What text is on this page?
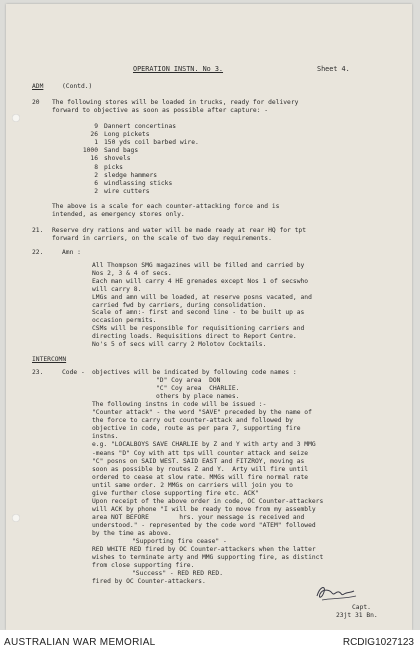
OPERATION INSTN. No 3.	Sheet 4.
ADM	(Contd.)
20 The following stores will be loaded in trucks, ready for delivery
forward to objective as soon as possible after capture: -
9 Dannert concertinas
26 Long pickets
1 150 yds coil barbed wire.
1000 Sand bags
16 shovels
8 picks
2 sledge hammers
6 windlassing sticks
2 wire cutters
The above is a scale for each counter-attacking force and is
intended, as emergency stores only.
21. Reserve dry rations and water will be made ready at rear HQ for tpt
forward in carriers, on the scale of two day requirements.
22.	Amn :
All Thompson SMG magazines will be filled and carried by
Nos 2, 3 & 4 of secs.
Each man will carry 4 HE grenades except Nos 1 of secswho
will carry 8.
LMGs and amn will be loaded, at reserve posns vacated, and
carried fwd by carriers, during consolidation.
Scale of amn:- first and second line - to be built up as
occasion permits.
CSMs will be responsible for requisitioning carriers and
directing loads. Requisitions direct to Report Centre.
No's 5 of secs will carry 2 Molotov Cocktails.
INTERCOMN
23.	Code - objectives will be indicated by following code names :
"D" Coy area  DON
"C" Coy area  CHARLIE.
others by place names.
The following instns in code will be issued :-
"Counter attack" - the word "SAVE" preceded by the name of
the force to carry out counter-attack and followed by
objective in code, route as per para 7, supporting fire
instns.
e.g. "LOCALBOYS SAVE CHARLIE by Z and Y with arty and 3 MMG
-means "D" Coy with att tps will counter attack and seize
"C" posns on SAID WEST. SAID EAST and FITZROY, moving as
soon as possible by routes Z and Y.  Arty will fire until
ordered to cease at slow rate. MMGs will fire normal rate
until same order. 2 MMGs on carriers will join you to
give further close supporting fire etc. ACK"
Upon receipt of the above order in code, OC Counter-attackers
will ACK by phone "I will be ready to move from my assembly
area NOT BEFORE        hrs. your message is received and
understood." - represented by the code word "ATEM" followed
by the time as above.
"Supporting fire cease" -
RED WHITE RED fired by OC Counter-attackers when the latter
wishes to terminate arty and MMG supporting fire, as distinct
from close supporting fire.
"Success" - RED RED RED.
fired by OC Counter-attackers.
Capt.
23jt 31 Bn.
AUSTRALIAN WAR MEMORIAL	RCDIG1027123
